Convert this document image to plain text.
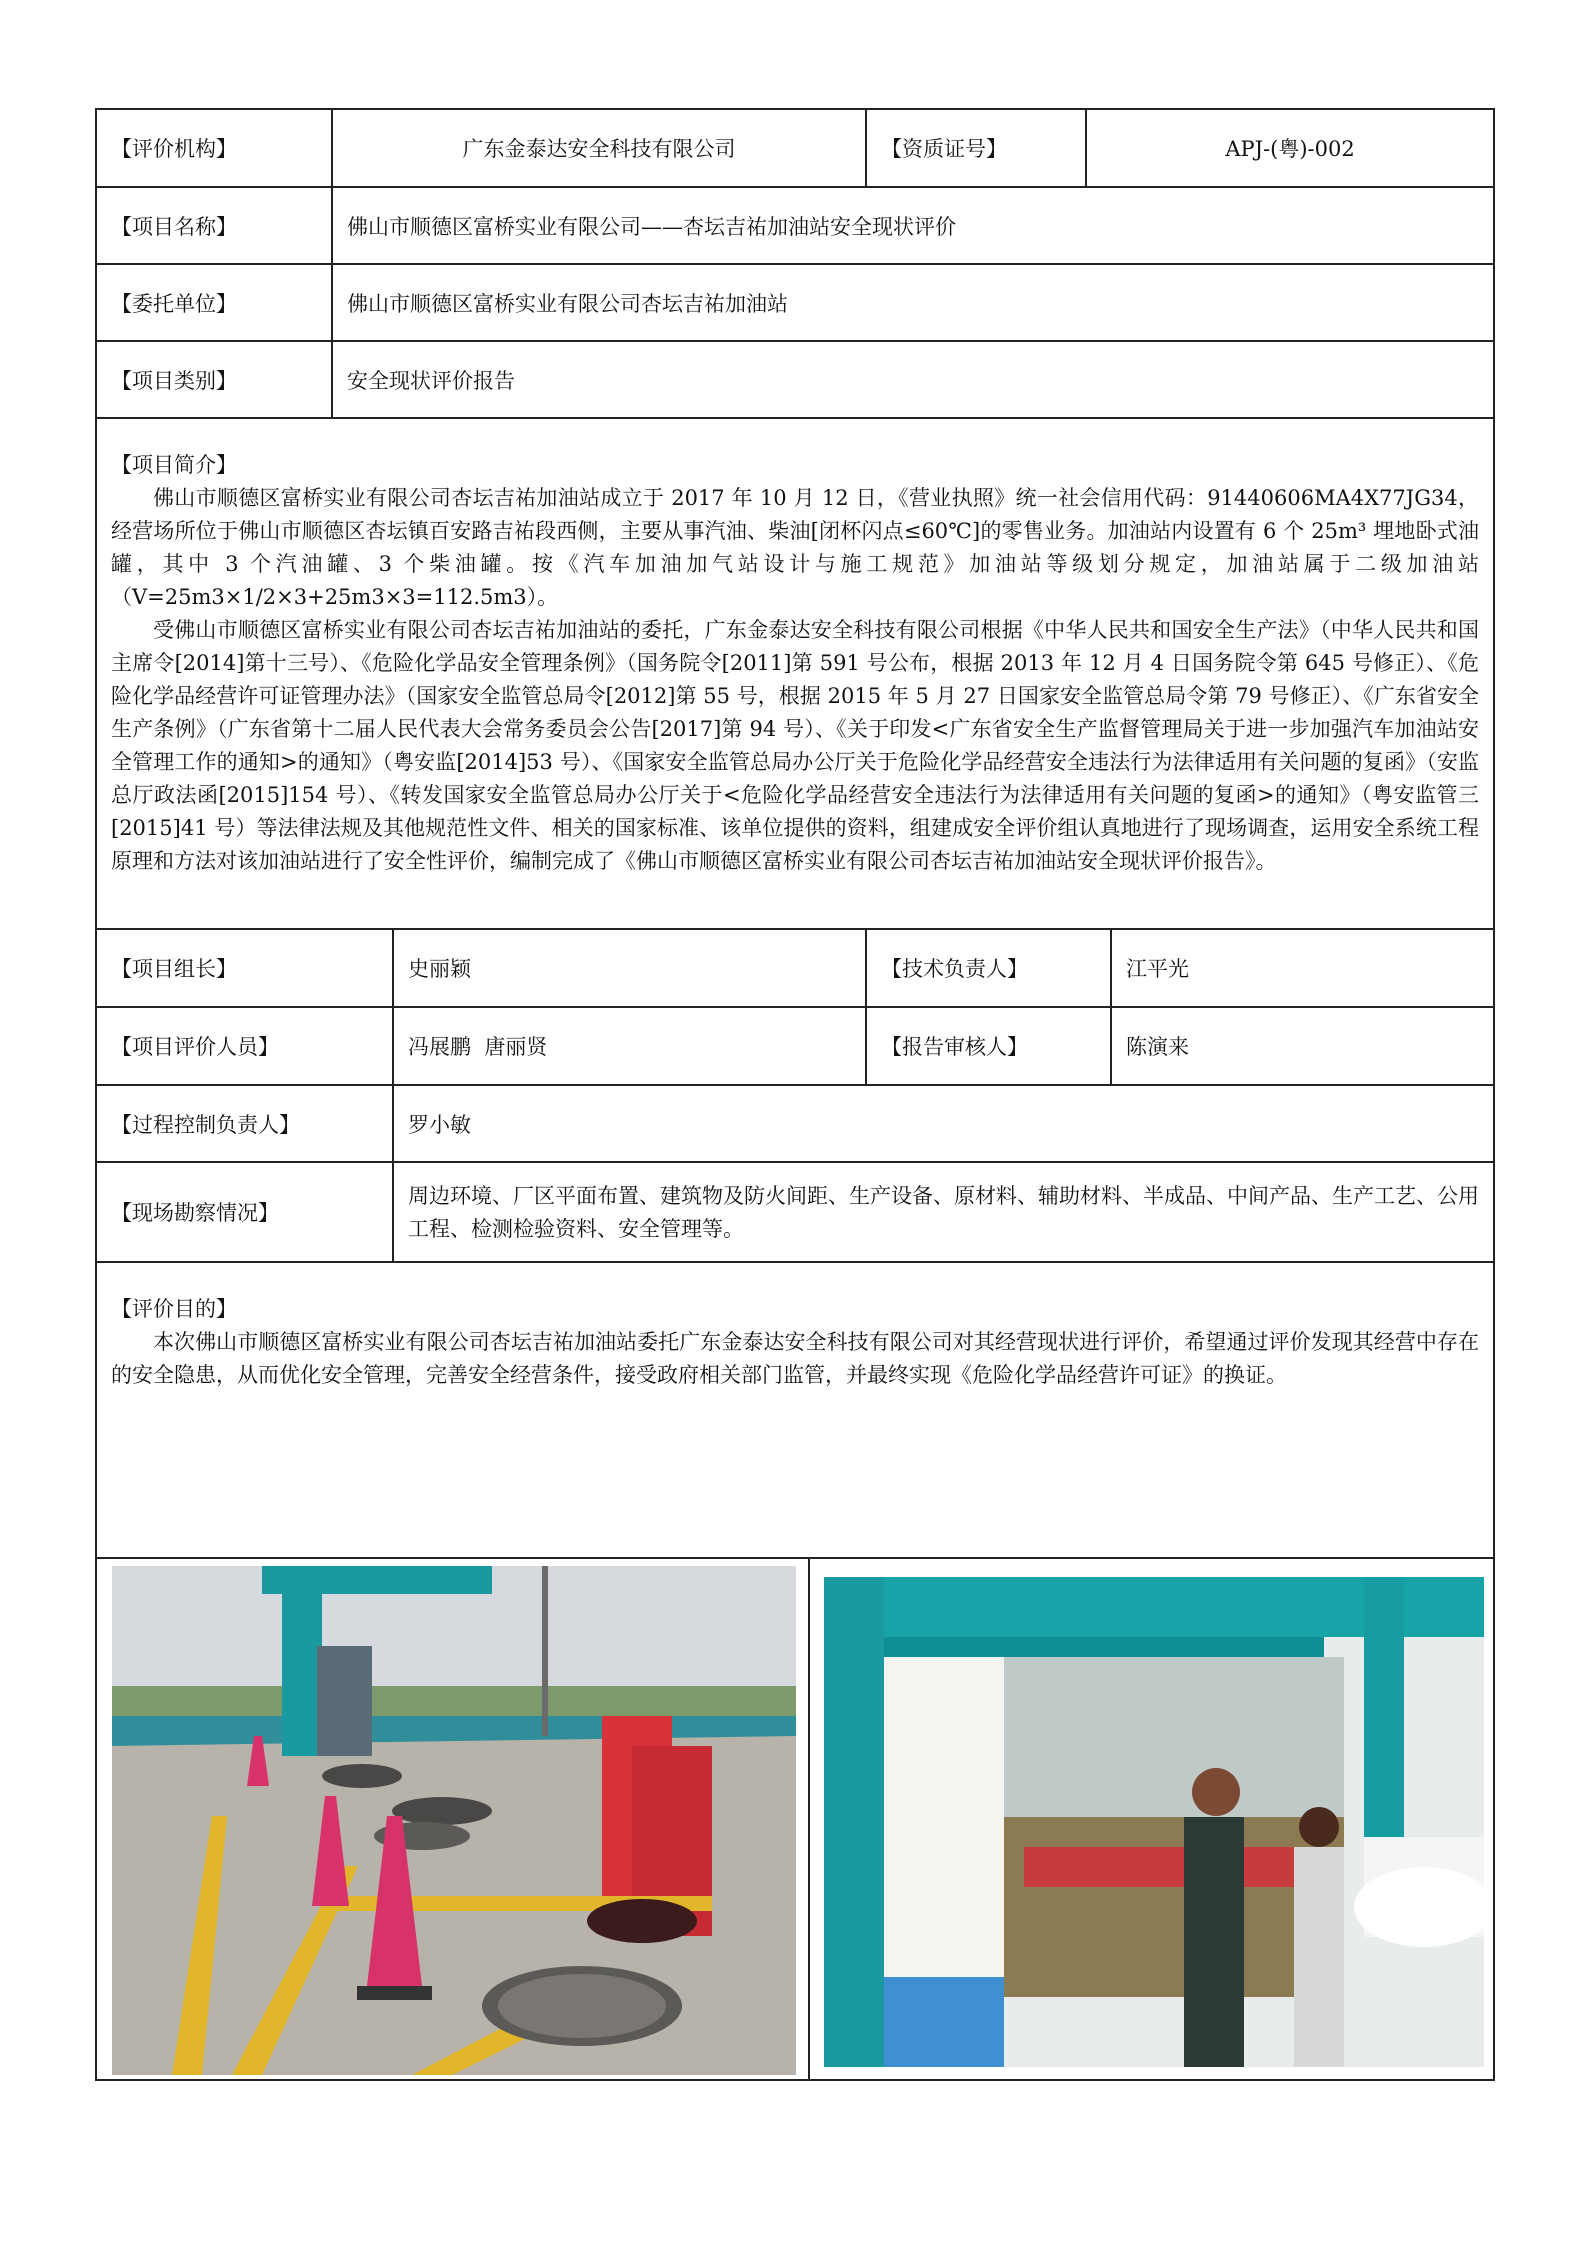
【评价机构】	广东金泰达安全科技有限公司	【资质证号】	APJ-(粤)-002
【项目名称】	佛山市顺德区富桥实业有限公司——杏坛吉祐加油站安全现状评价
【委托单位】	佛山市顺德区富桥实业有限公司杏坛吉祐加油站
【项目类别】	安全现状评价报告
【项目简介】

佛山市顺德区富桥实业有限公司杏坛吉祐加油站成立于 2017 年 10 月 12 日，《营业执照》统一社会信用代码：91440606MA4X77JG34，经营场所位于佛山市顺德区杏坛镇百安路吉祐段西侧，主要从事汽油、柴油[闭杯闪点≤60℃]的零售业务。加油站内设置有 6 个 25m³ 埋地卧式油罐，其中 3 个汽油罐、3 个柴油罐。按《汽车加油加气站设计与施工规范》加油站等级划分规定，加油站属于二级加油站（V=25m3×1/2×3+25m3×3=112.5m3）。

受佛山市顺德区富桥实业有限公司杏坛吉祐加油站的委托，广东金泰达安全科技有限公司根据《中华人民共和国安全生产法》（中华人民共和国主席令[2014]第十三号）、《危险化学品安全管理条例》（国务院令[2011]第 591 号公布，根据 2013 年 12 月 4 日国务院令第 645 号修正）、《危险化学品经营许可证管理办法》（国家安全监管总局令[2012]第 55 号，根据 2015 年 5 月 27 日国家安全监管总局令第 79 号修正）、《广东省安全生产条例》（广东省第十二届人民代表大会常务委员会公告[2017]第 94 号）、《关于印发<广东省安全生产监督管理局关于进一步加强汽车加油站安全管理工作的通知>的通知》（粤安监[2014]53 号）、《国家安全监管总局办公厅关于危险化学品经营安全违法行为法律适用有关问题的复函》（安监总厅政法函[2015]154 号）、《转发国家安全监管总局办公厅关于<危险化学品经营安全违法行为法律适用有关问题的复函>的通知》（粤安监管三[2015]41 号）等法律法规及其他规范性文件、相关的国家标准、该单位提供的资料，组建成安全评价组认真地进行了现场调查，运用安全系统工程原理和方法对该加油站进行了安全性评价，编制完成了《佛山市顺德区富桥实业有限公司杏坛吉祐加油站安全现状评价报告》。

【项目组长】	史丽颖	【技术负责人】	江平光
【项目评价人员】	冯展鹏  唐丽贤	【报告审核人】	陈演来
【过程控制负责人】	罗小敏
【现场勘察情况】
周边环境、厂区平面布置、建筑物及防火间距、生产设备、原材料、辅助材料、半成品、中间产品、生产工艺、公用工程、检测检验资料、安全管理等。
【评价目的】

本次佛山市顺德区富桥实业有限公司杏坛吉祐加油站委托广东金泰达安全科技有限公司对其经营现状进行评价，希望通过评价发现其经营中存在的安全隐患，从而优化安全管理，完善安全经营条件，接受政府相关部门监管，并最终实现《危险化学品经营许可证》的换证。
